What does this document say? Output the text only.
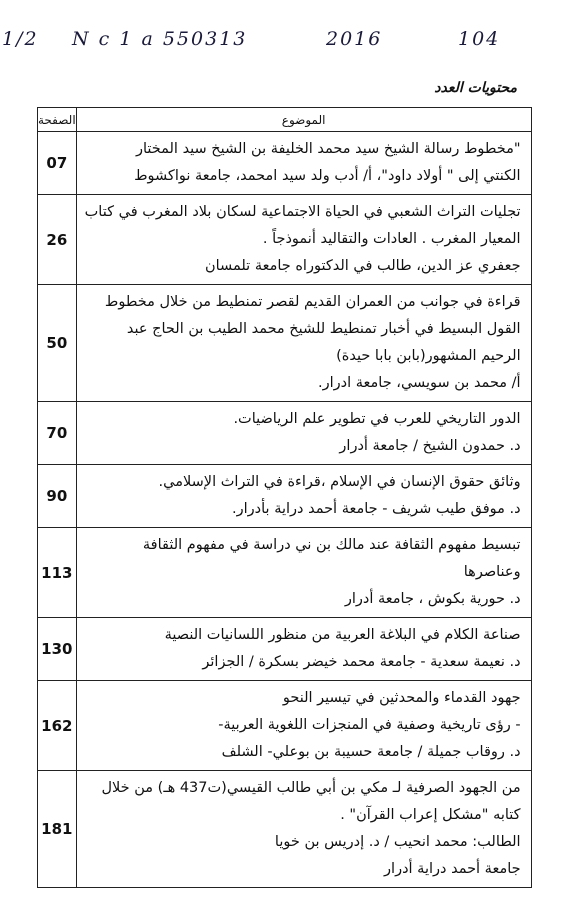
1/2 N c 1 a 550313	2016	104
محتويات العدد
الموضوع	الصفحة

"مخطوط رسالة الشيخ سيد محمد الخليفة بن الشيخ سيد المختار
الكنتي إلى " أولاد داود"، أ/ أدب ولد سيد امحمد، جامعة نواكشوط	07

تجليات التراث الشعبي في الحياة الاجتماعية لسكان بلاد المغرب في كتاب
المعيار المغرب . العادات والتقاليد أنموذجاً .
جعفري عز الدين، طالب في الدكتوراه جامعة تلمسان	26

قراءة في جوانب من العمران القديم لقصر تمنطيط من خلال مخطوط
القول البسيط في أخبار تمنطيط للشيخ محمد الطيب بن الحاج عبد
الرحيم المشهور(بابن بابا حيدة)
أ/ محمد بن سويسي، جامعة ادرار.	50

الدور التاريخي للعرب في تطوير علم الرياضيات.
د. حمدون الشيخ / جامعة أدرار	70

وثائق حقوق الإنسان في الإسلام ،قراءة في التراث الإسلامي.
د. موفق طيب شريف - جامعة أحمد دراية بأدرار.	90

تبسيط مفهوم الثقافة عند مالك بن ني دراسة في مفهوم الثقافة
وعناصرها
د. حورية بكوش ، جامعة أدرار	113

صناعة الكلام في البلاغة العربية من منظور اللسانيات النصية
د. نعيمة سعدية - جامعة محمد خيضر بسكرة / الجزائر	130

جهود القدماء والمحدثين في تيسير النحو
- رؤى تاريخية وصفية في المنجزات اللغوية العربية-
د. روقاب جميلة / جامعة حسيبة بن بوعلي- الشلف	162

من الجهود الصرفية لـ مكي بن أبي طالب القيسي(ت437 هـ) من خلال
كتابه "مشكل إعراب القرآن" .
الطالب: محمد انحيب / د. إدريس بن خويا
جامعة أحمد دراية أدرار	181
